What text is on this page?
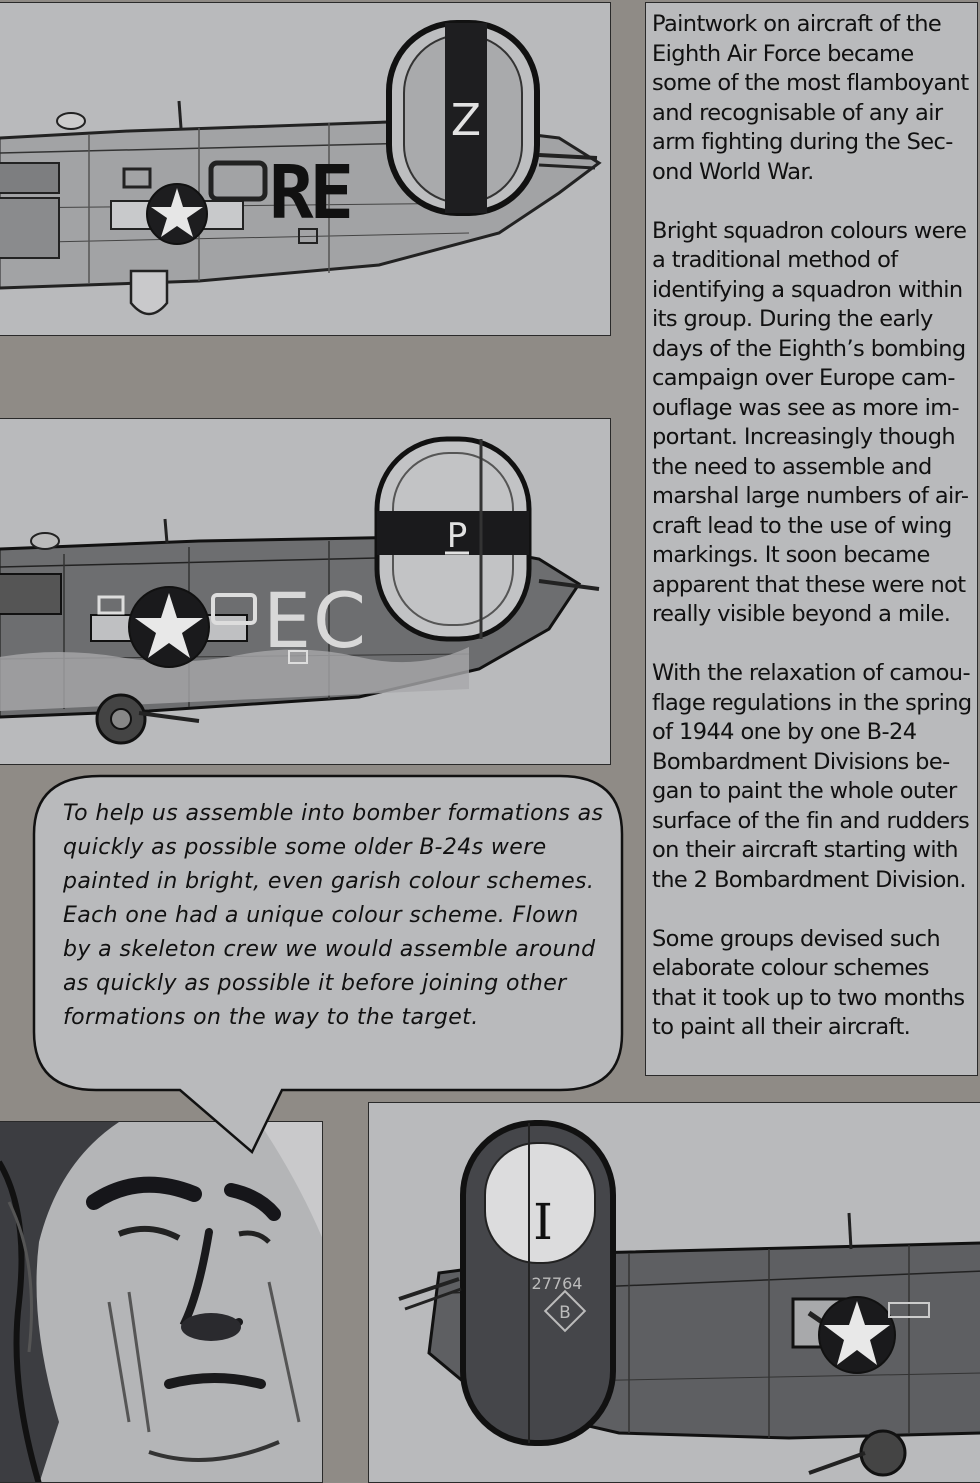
RE
Z
EC
P
I
27764
B

Paintwork on aircraft of the Eighth Air Force became some of the most flamboyant and recognisable of any air arm fighting during the Sec-ond World War.

Bright squadron colours were a traditional method of identifying a squadron within its group. During the early days of the Eighth’s bombing campaign over Europe cam-ouflage was see as more im-portant. Increasingly though the need to assemble and marshal large numbers of air-craft lead to the use of wing markings. It soon became apparent that these were not really visible beyond a mile.

With the relaxation of camou-flage regulations in the spring of 1944 one by one B-24 Bombardment Divisions be-gan to paint the whole outer surface of the fin and rudders on their aircraft starting with the 2 Bombardment Division.

Some groups devised such elaborate colour schemes that it took up to two months to paint all their aircraft.

To help us assemble into bomber formations as quickly as possible some older B-24s were painted in bright, even garish colour schemes. Each one had a unique colour scheme. Flown by a skeleton crew we would assemble around as quickly as possible it before joining other formations on the way to the target.
